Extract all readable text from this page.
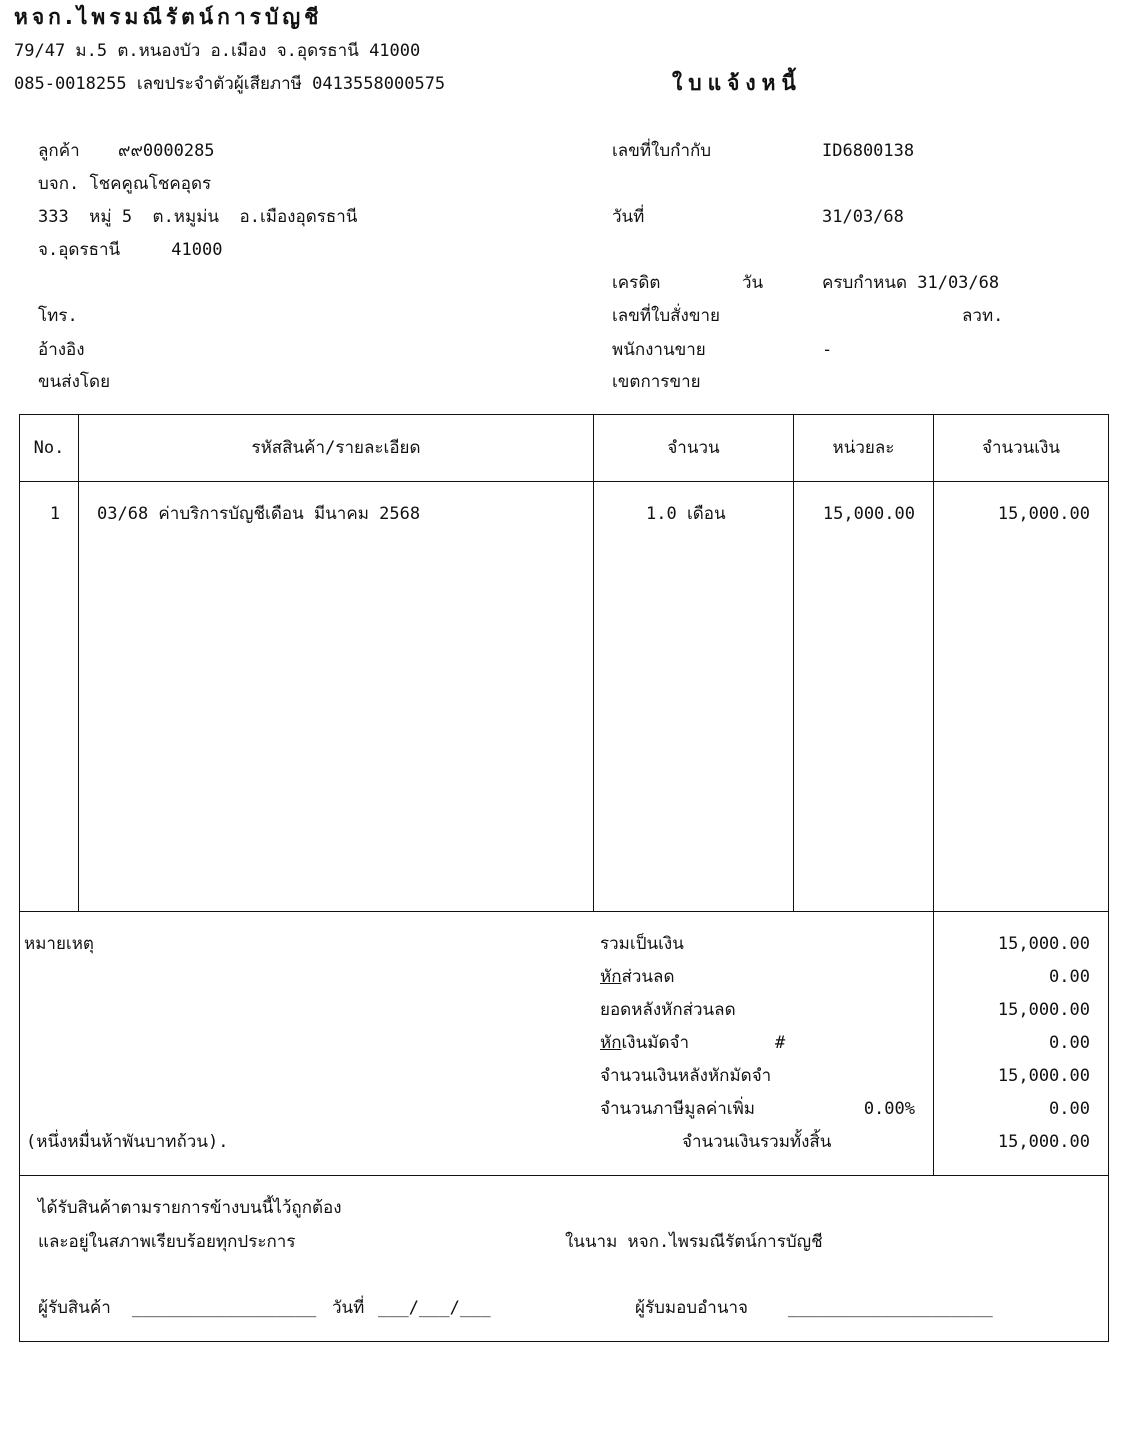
หจก.ไพรมณีรัตน์การบัญชี
79/47 ม.5 ต.หนองบัว อ.เมือง จ.อุดรธานี 41000
085-0018255 เลขประจำตัวผู้เสียภาษี 0413558000575	ใบแจ้งหนี้
ลูกค้า ๙๙0000285
บจก. โชคคูณโชคอุดร
333  หมู่ 5  ต.หมูม่น  อ.เมืองอุดรธานี
จ.อุดรธานี     41000
โทร.
อ้างอิง
ขนส่งโดย
เลขที่ใบกำกับ	ID6800138
วันที่	31/03/68
เครดิต	วัน	ครบกำหนด 31/03/68
เลขที่ใบสั่งขาย	ลวท.
พนักงานขาย	-
เขตการขาย
No.	รหัสสินค้า/รายละเอียด	จำนวน	หน่วยละ	จำนวนเงิน
1	03/68 ค่าบริการบัญชีเดือน มีนาคม 2568	1.0 เดือน	15,000.00	15,000.00
หมายเหตุ
(หนึ่งหมื่นห้าพันบาทถ้วน).
รวมเป็นเงิน	15,000.00
หักส่วนลด	0.00
ยอดหลังหักส่วนลด	15,000.00
หักเงินมัดจำ	#	0.00
จำนวนเงินหลังหักมัดจำ	15,000.00
จำนวนภาษีมูลค่าเพิ่ม	0.00%	0.00
จำนวนเงินรวมทั้งสิ้น	15,000.00
ได้รับสินค้าตามรายการข้างบนนี้ไว้ถูกต้อง
และอยู่ในสภาพเรียบร้อยทุกประการ	ในนาม หจก.ไพรมณีรัตน์การบัญชี
ผู้รับสินค้า __________________ วันที่ ___/___/___	ผู้รับมอบอำนาจ ____________________
